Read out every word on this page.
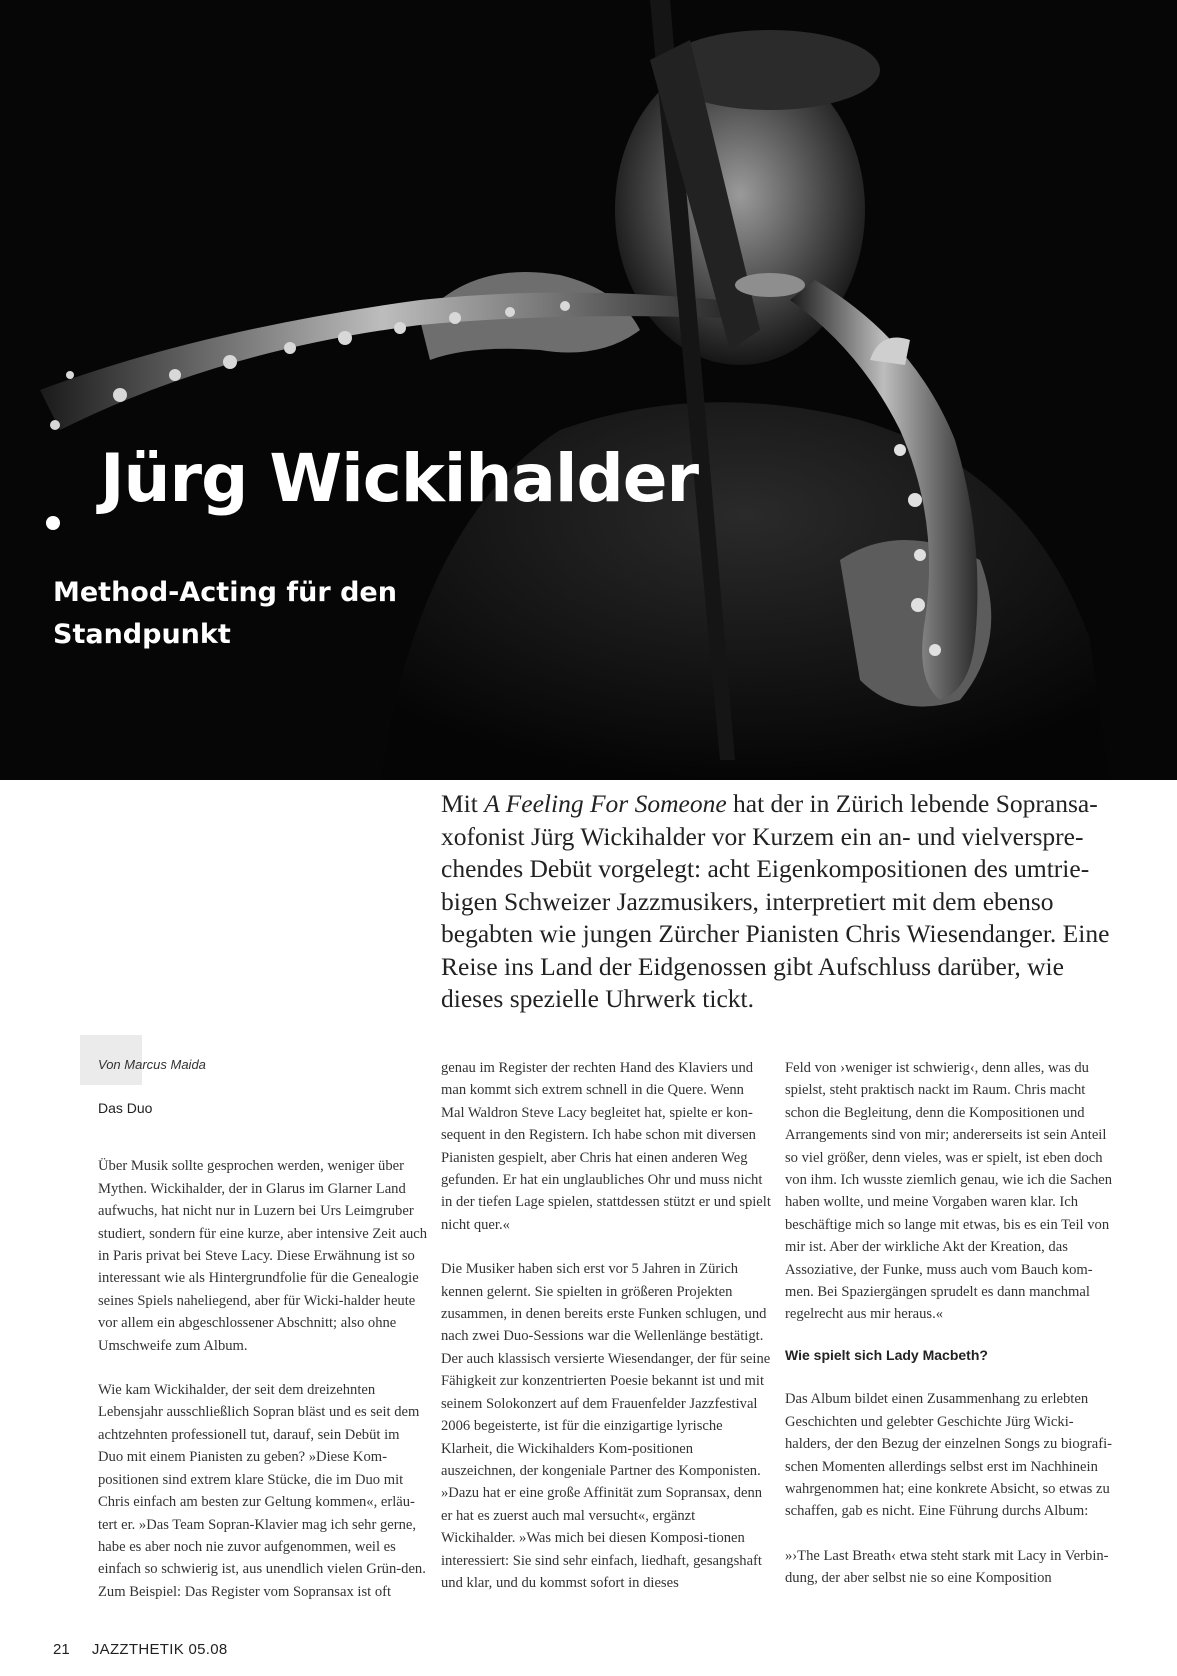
Jürg Wickihalder
Method-Acting für den
Standpunkt

Mit A Feeling For Someone hat der in Zürich lebende Sopransa-xofonist Jürg Wickihalder vor Kurzem ein an- und vielverspre-chendes Debüt vorgelegt: acht Eigenkompositionen des umtrie-bigen Schweizer Jazzmusikers, interpretiert mit dem ebenso begabten wie jungen Zürcher Pianisten Chris Wiesendanger. Eine Reise ins Land der Eidgenossen gibt Aufschluss darüber, wie dieses spezielle Uhrwerk tickt.

Von Marcus Maida
Das Duo

Über Musik sollte gesprochen werden, weniger über Mythen. Wickihalder, der in Glarus im Glarner Land aufwuchs, hat nicht nur in Luzern bei Urs Leimgruber studiert, sondern für eine kurze, aber intensive Zeit auch in Paris privat bei Steve Lacy. Diese Erwähnung ist so interessant wie als Hintergrundfolie für die Genealogie seines Spiels naheliegend, aber für Wicki-halder heute vor allem ein abgeschlossener Abschnitt; also ohne Umschweife zum Album.

Wie kam Wickihalder, der seit dem dreizehnten Lebensjahr ausschließlich Sopran bläst und es seit dem achtzehnten professionell tut, darauf, sein Debüt im Duo mit einem Pianisten zu geben? »Diese Kom-positionen sind extrem klare Stücke, die im Duo mit Chris einfach am besten zur Geltung kommen«, erläu-tert er. »Das Team Sopran-Klavier mag ich sehr gerne, habe es aber noch nie zuvor aufgenommen, weil es einfach so schwierig ist, aus unendlich vielen Grün-den. Zum Beispiel: Das Register vom Sopransax ist oft

genau im Register der rechten Hand des Klaviers und man kommt sich extrem schnell in die Quere. Wenn Mal Waldron Steve Lacy begleitet hat, spielte er kon-sequent in den Registern. Ich habe schon mit diversen Pianisten gespielt, aber Chris hat einen anderen Weg gefunden. Er hat ein unglaubliches Ohr und muss nicht in der tiefen Lage spielen, stattdessen stützt er und spielt nicht quer.«

Die Musiker haben sich erst vor 5 Jahren in Zürich kennen gelernt. Sie spielten in größeren Projekten zusammen, in denen bereits erste Funken schlugen, und nach zwei Duo-Sessions war die Wellenlänge bestätigt. Der auch klassisch versierte Wiesendanger, der für seine Fähigkeit zur konzentrierten Poesie bekannt ist und mit seinem Solokonzert auf dem Frauenfelder Jazzfestival 2006 begeisterte, ist für die einzigartige lyrische Klarheit, die Wickihalders Kom-positionen auszeichnen, der kongeniale Partner des Komponisten. »Dazu hat er eine große Affinität zum Sopransax, denn er hat es zuerst auch mal versucht«, ergänzt Wickihalder. »Was mich bei diesen Komposi-tionen interessiert: Sie sind sehr einfach, liedhaft, gesangshaft und klar, und du kommst sofort in dieses

Feld von ›weniger ist schwierig‹, denn alles, was du spielst, steht praktisch nackt im Raum. Chris macht schon die Begleitung, denn die Kompositionen und Arrangements sind von mir; andererseits ist sein Anteil so viel größer, denn vieles, was er spielt, ist eben doch von ihm. Ich wusste ziemlich genau, wie ich die Sachen haben wollte, und meine Vorgaben waren klar. Ich beschäftige mich so lange mit etwas, bis es ein Teil von mir ist. Aber der wirkliche Akt der Kreation, das Assoziative, der Funke, muss auch vom Bauch kom-men. Bei Spaziergängen sprudelt es dann manchmal regelrecht aus mir heraus.«

Wie spielt sich Lady Macbeth?

Das Album bildet einen Zusammenhang zu erlebten Geschichten und gelebter Geschichte Jürg Wicki-halders, der den Bezug der einzelnen Songs zu biografi-schen Momenten allerdings selbst erst im Nachhinein wahrgenommen hat; eine konkrete Absicht, so etwas zu schaffen, gab es nicht. Eine Führung durchs Album:

»›The Last Breath‹ etwa steht stark mit Lacy in Verbin-dung, der aber selbst nie so eine Komposition

21 JAZZTHETIK 05.08
